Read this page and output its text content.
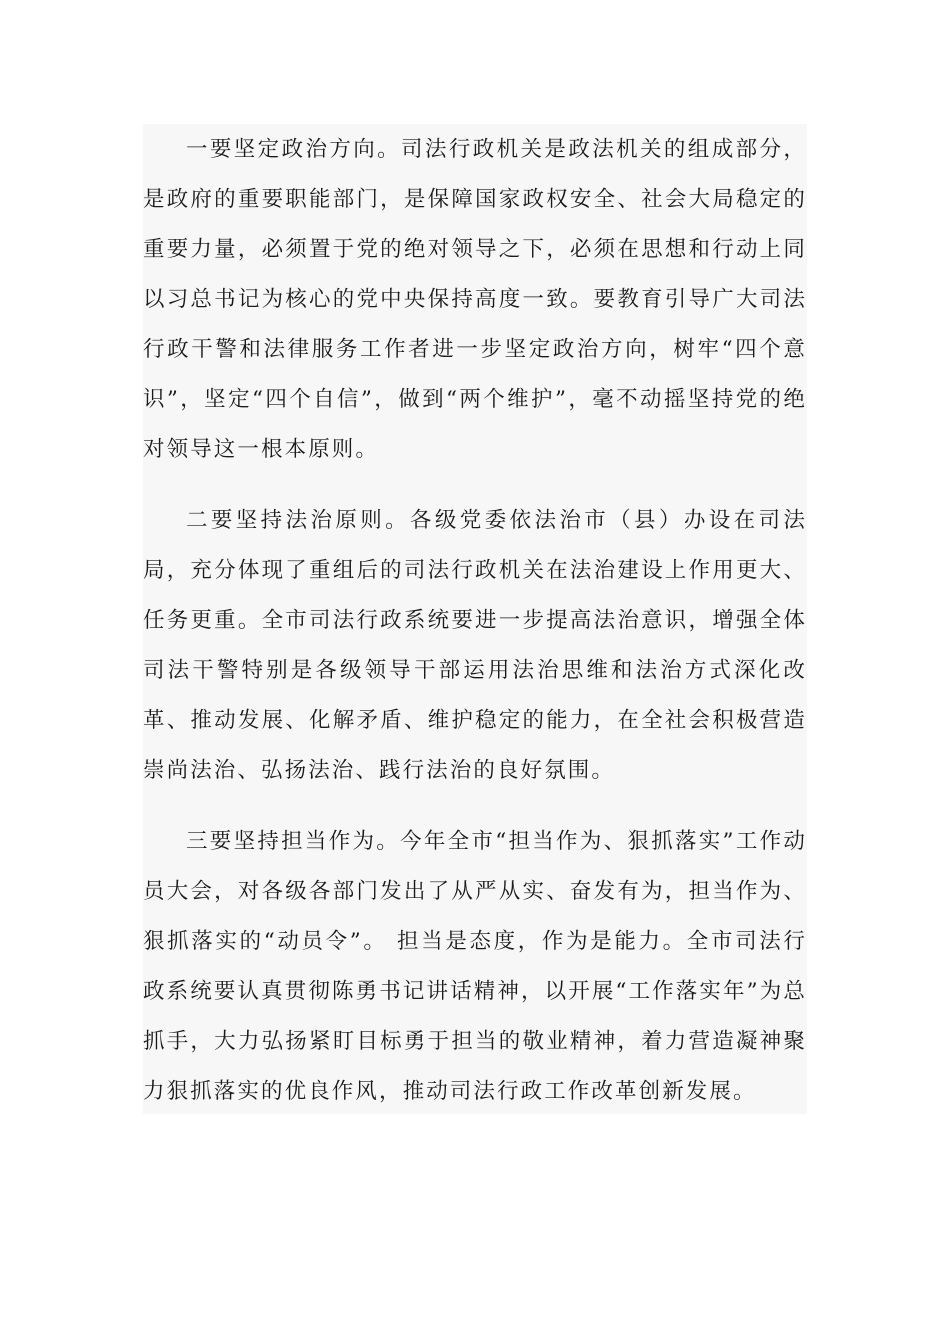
一要坚定政治方向。司法行政机关是政法机关的组成部分，是政府的重要职能部门，是保障国家政权安全、社会大局稳定的重要力量，必须置于党的绝对领导之下，必须在思想和行动上同以习总书记为核心的党中央保持高度一致。要教育引导广大司法行政干警和法律服务工作者进一步坚定政治方向，树牢“四个意识”，坚定“四个自信”，做到“两个维护”，毫不动摇坚持党的绝对领导这一根本原则。

二要坚持法治原则。各级党委依法治市（县）办设在司法局，充分体现了重组后的司法行政机关在法治建设上作用更大、任务更重。全市司法行政系统要进一步提高法治意识，增强全体司法干警特别是各级领导干部运用法治思维和法治方式深化改革、推动发展、化解矛盾、维护稳定的能力，在全社会积极营造崇尚法治、弘扬法治、践行法治的良好氛围。

三要坚持担当作为。今年全市“担当作为、狠抓落实”工作动员大会，对各级各部门发出了从严从实、奋发有为，担当作为、狠抓落实的“动员令”。 担当是态度，作为是能力。全市司法行政系统要认真贯彻陈勇书记讲话精神，以开展“工作落实年”为总抓手，大力弘扬紧盯目标勇于担当的敬业精神，着力营造凝神聚力狠抓落实的优良作风，推动司法行政工作改革创新发展。
